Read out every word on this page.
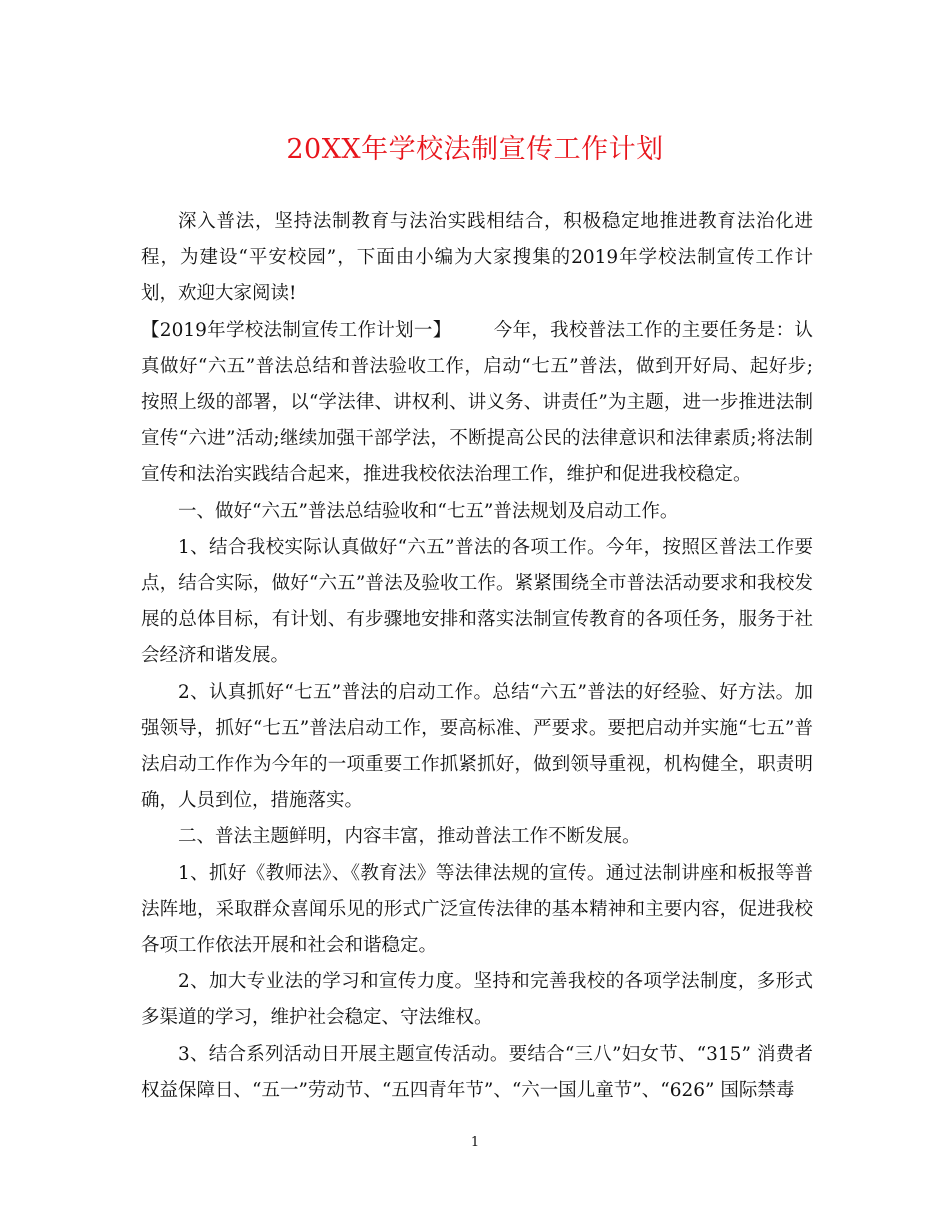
20XX年学校法制宣传工作计划

深入普法，坚持法制教育与法治实践相结合，积极稳定地推进教育法治化进程，为建设“平安校园”，下面由小编为大家搜集的2019年学校法制宣传工作计划，欢迎大家阅读!

【2019年学校法制宣传工作计划一】 今年，我校普法工作的主要任务是：认真做好“六五”普法总结和普法验收工作，启动“七五”普法，做到开好局、起好步;按照上级的部署，以“学法律、讲权利、讲义务、讲责任”为主题，进一步推进法制宣传“六进”活动;继续加强干部学法，不断提高公民的法律意识和法律素质;将法制宣传和法治实践结合起来，推进我校依法治理工作，维护和促进我校稳定。

一、做好“六五”普法总结验收和“七五”普法规划及启动工作。

1、结合我校实际认真做好“六五”普法的各项工作。今年，按照区普法工作要点，结合实际，做好“六五”普法及验收工作。紧紧围绕全市普法活动要求和我校发展的总体目标，有计划、有步骤地安排和落实法制宣传教育的各项任务，服务于社会经济和谐发展。

2、认真抓好“七五”普法的启动工作。总结“六五”普法的好经验、好方法。加强领导，抓好“七五”普法启动工作，要高标准、严要求。要把启动并实施“七五”普法启动工作作为今年的一项重要工作抓紧抓好，做到领导重视，机构健全，职责明确，人员到位，措施落实。

二、普法主题鲜明，内容丰富，推动普法工作不断发展。

1、抓好《教师法》、《教育法》等法律法规的宣传。通过法制讲座和板报等普法阵地，采取群众喜闻乐见的形式广泛宣传法律的基本精神和主要内容，促进我校各项工作依法开展和社会和谐稳定。

2、加大专业法的学习和宣传力度。坚持和完善我校的各项学法制度，多形式多渠道的学习，维护社会稳定、守法维权。

3、结合系列活动日开展主题宣传活动。要结合“三八”妇女节、“315” 消费者权益保障日、“五一”劳动节、“五四青年节”、“六一国儿童节”、“626” 国际禁毒

1
